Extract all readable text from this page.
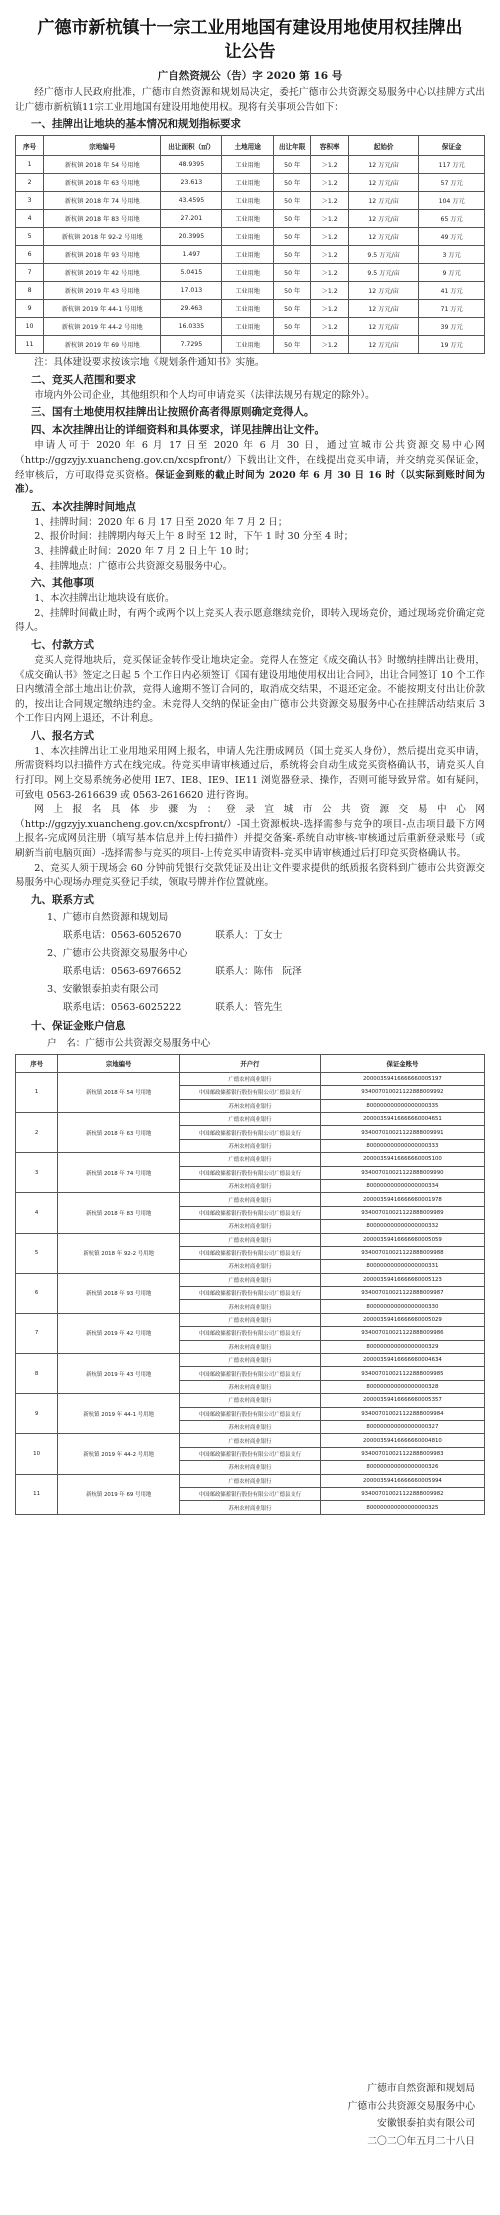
广德市新杭镇十一宗工业用地国有建设用地使用权挂牌出让公告
广自然资规公（告）字 2020 第 16 号

经广德市人民政府批准，广德市自然资源和规划局决定，委托广德市公共资源交易服务中心以挂牌方式出让广德市新杭镇11宗工业用地国有建设用地使用权。现将有关事项公告如下：

一、挂牌出让地块的基本情况和规划指标要求
序号	宗地编号	出让面积（㎡）	土地用途	出让年限	容积率	起始价	保证金
1	新杭镇 2018 年 54 号用地	48.9395	工业用地	50 年	＞1.2	12 万元/亩	117 万元
2	新杭镇 2018 年 63 号用地	23.613	工业用地	50 年	＞1.2	12 万元/亩	57 万元
3	新杭镇 2018 年 74 号用地	43.4595	工业用地	50 年	＞1.2	12 万元/亩	104 万元
4	新杭镇 2018 年 83 号用地	27.201	工业用地	50 年	＞1.2	12 万元/亩	65 万元
5	新杭镇 2018 年 92-2 号用地	20.3995	工业用地	50 年	＞1.2	12 万元/亩	49 万元
6	新杭镇 2018 年 93 号用地	1.497	工业用地	50 年	＞1.2	9.5 万元/亩	3 万元
7	新杭镇 2019 年 42 号用地	5.0415	工业用地	50 年	＞1.2	9.5 万元/亩	9 万元
8	新杭镇 2019 年 43 号用地	17.013	工业用地	50 年	＞1.2	12 万元/亩	41 万元
9	新杭镇 2019 年 44-1 号用地	29.463	工业用地	50 年	＞1.2	12 万元/亩	71 万元
10	新杭镇 2019 年 44-2 号用地	16.0335	工业用地	50 年	＞1.2	12 万元/亩	39 万元
11	新杭镇 2019 年 69 号用地	7.7295	工业用地	50 年	＞1.2	12 万元/亩	19 万元

注：具体建设要求按该宗地《规划条件通知书》实施。

二、竞买人范围和要求

市境内外公司企业，其他组织和个人均可申请竞买（法律法规另有规定的除外）。

三、国有土地使用权挂牌出让按照价高者得原则确定竞得人。
四、本次挂牌出让的详细资料和具体要求，详见挂牌出让文件。

申请人可于 2020 年 6 月 17 日至 2020 年 6 月 30 日，通过宣城市公共资源交易中心网（http://ggzyjy.xuancheng.gov.cn/xcspfront/）下载出让文件，在线提出竞买申请，并交纳竞买保证金，经审核后，方可取得竞买资格。保证金到账的截止时间为 2020 年 6 月 30 日 16 时（以实际到账时间为准）。

五、本次挂牌时间地点

1、挂牌时间：2020 年 6 月 17 日至 2020 年 7 月 2 日；

2、报价时间：挂牌期内每天上午 8 时至 12 时，下午 1 时 30 分至 4 时；

3、挂牌截止时间：2020 年 7 月 2 日上午 10 时；

4、挂牌地点：广德市公共资源交易服务中心。

六、其他事项

1、本次挂牌出让地块设有底价。

2、挂牌时间截止时，有两个或两个以上竞买人表示愿意继续竞价，即转入现场竞价，通过现场竞价确定竞得人。

七、付款方式

竞买人竞得地块后，竞买保证金转作受让地块定金。竞得人在签定《成交确认书》时缴纳挂牌出让费用，《成交确认书》签定之日起 5 个工作日内必须签订《国有建设用地使用权出让合同》，出让合同签订 10 个工作日内缴清全部土地出让价款，竞得人逾期不签订合同的，取消成交结果，不退还定金。不能按期支付出让价款的，按出让合同规定缴纳违约金。未竞得人交纳的保证金由广德市公共资源交易服务中心在挂牌活动结束后 3 个工作日内网上退还，不计利息。

八、报名方式

1、本次挂牌出让工业用地采用网上报名，申请人先注册成网员（国土竞买人身份），然后提出竞买申请，所需资料均以扫描件方式在线完成。待竞买申请审核通过后，系统将会自动生成竞买资格确认书，请竞买人自行打印。网上交易系统务必使用 IE7、IE8、IE9、IE11 浏览器登录、操作，否则可能导致异常。如有疑问，可致电 0563-2616639 或 0563-2616620 进行咨询。

网上报名具体步骤为：登录宣城市公共资源交易中心网（http://ggzyjy.xuancheng.gov.cn/xcspfront/）-国土资源板块-选择需参与竞争的项目-点击项目最下方网上报名-完成网员注册（填写基本信息并上传扫描件）并提交备案-系统自动审核-审核通过后重新登录账号（或刷新当前电脑页面）-选择需参与竞买的项目-上传竞买申请资料-竞买申请审核通过后打印竞买资格确认书。

2、竞买人须于现场会 60 分钟前凭银行交款凭证及出让文件要求提供的纸质报名资料到广德市公共资源交易服务中心现场办理竞买登记手续，领取号牌并作位置就座。

九、联系方式
1、广德市自然资源和规划局
联系电话：0563-6052670	联系人：丁女士
2、广德市公共资源交易服务中心
联系电话：0563-6976652	联系人：陈伟　阮泽
3、安徽银泰拍卖有限公司
联系电话：0563-6025222	联系人：管先生
十、保证金账户信息
户　名：广德市公共资源交易服务中心
序号	宗地编号	开户行	保证金账号
1	新杭镇 2018 年 54 号用地	广德农村商业银行	20000359416666660005197
		中国邮政储蓄银行股份有限公司广德县支行	934007010021122888009992
		苏州农村商业银行	800000000000000000335
2	新杭镇 2018 年 63 号用地	广德农村商业银行	20000359416666660004651
		中国邮政储蓄银行股份有限公司广德县支行	934007010021122888009991
		苏州农村商业银行	800000000000000000333
3	新杭镇 2018 年 74 号用地	广德农村商业银行	20000359416666660005100
		中国邮政储蓄银行股份有限公司广德县支行	934007010021122888009990
		苏州农村商业银行	800000000000000000334
4	新杭镇 2018 年 83 号用地	广德农村商业银行	20000359416666660001978
		中国邮政储蓄银行股份有限公司广德县支行	934007010021122888009989
		苏州农村商业银行	800000000000000000332
5	新杭镇 2018 年 92-2 号用地	广德农村商业银行	20000359416666660005059
		中国邮政储蓄银行股份有限公司广德县支行	934007010021122888009988
		苏州农村商业银行	800000000000000000331
6	新杭镇 2018 年 93 号用地	广德农村商业银行	20000359416666660005123
		中国邮政储蓄银行股份有限公司广德县支行	934007010021122888009987
		苏州农村商业银行	800000000000000000330
7	新杭镇 2019 年 42 号用地	广德农村商业银行	20000359416666660005029
		中国邮政储蓄银行股份有限公司广德县支行	934007010021122888009986
		苏州农村商业银行	800000000000000000329
8	新杭镇 2019 年 43 号用地	广德农村商业银行	20000359416666660004634
		中国邮政储蓄银行股份有限公司广德县支行	934007010021122888009985
		苏州农村商业银行	800000000000000000328
9	新杭镇 2019 年 44-1 号用地	广德农村商业银行	20000359416666660005357
		中国邮政储蓄银行股份有限公司广德县支行	934007010021122888009984
		苏州农村商业银行	800000000000000000327
10	新杭镇 2019 年 44-2 号用地	广德农村商业银行	20000359416666660004810
		中国邮政储蓄银行股份有限公司广德县支行	934007010021122888009983
		苏州农村商业银行	800000000000000000326
11	新杭镇 2019 年 69 号用地	广德农村商业银行	20000359416666660005994
		中国邮政储蓄银行股份有限公司广德县支行	934007010021122888009982
		苏州农村商业银行	800000000000000000325
广德市自然资源和规划局
广德市公共资源交易服务中心
安徽银泰拍卖有限公司
二〇二〇年五月二十八日
